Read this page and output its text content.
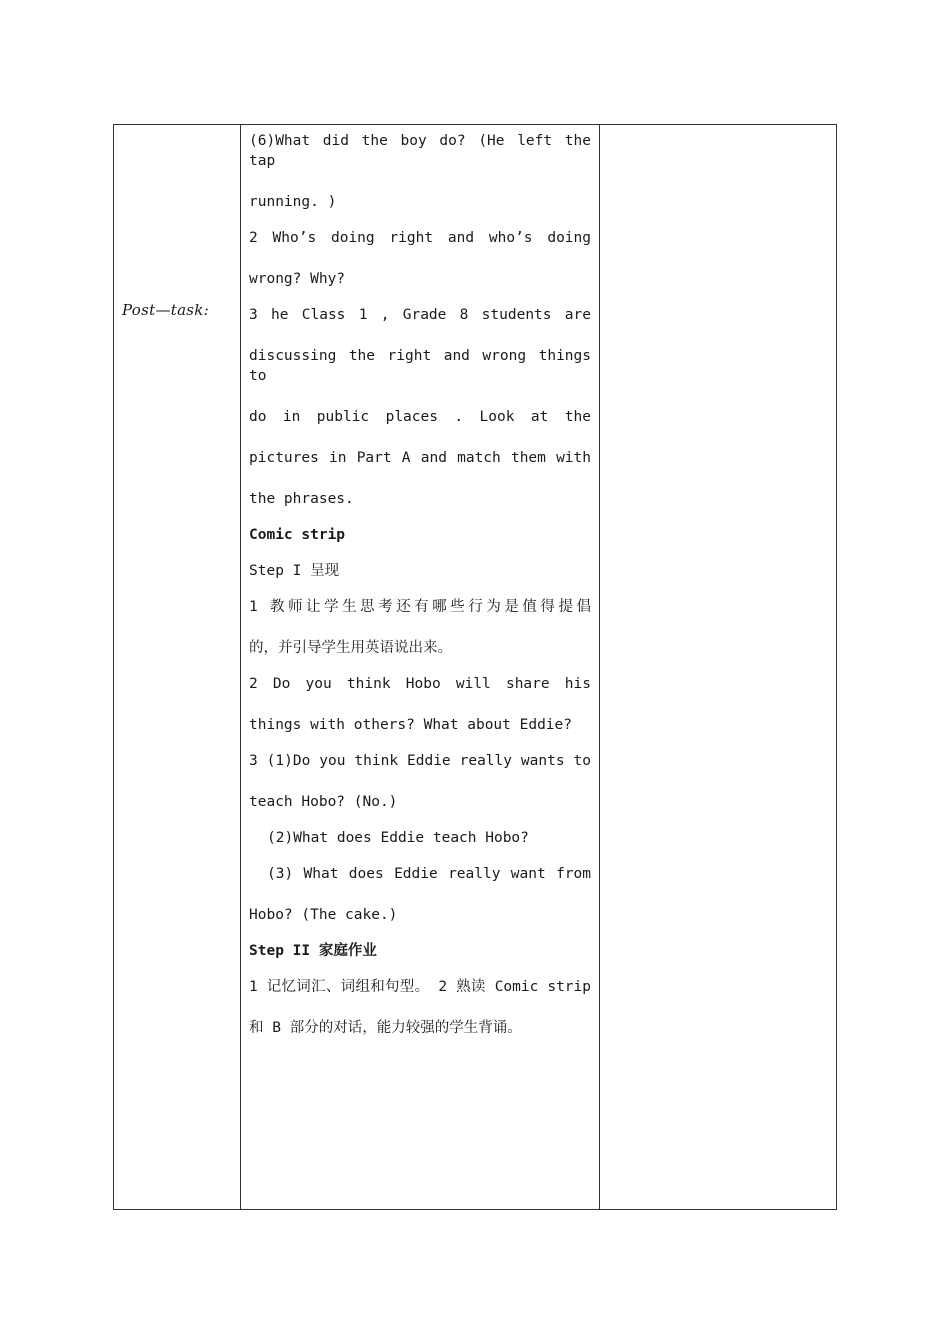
Post—task:

(6)What did the boy do? (He left the tap

running. )

2 Who’s doing right and who’s doing

wrong? Why?

3 he Class 1 , Grade 8 students are

discussing the right and wrong things to

do in public places . Look at the

pictures in Part A and match them with

the phrases.

Comic strip

Step I 呈现

1 教师让学生思考还有哪些行为是值得提倡

的，并引导学生用英语说出来。

2 Do you think Hobo will share his

things with others? What about Eddie?

3 (1)Do you think Eddie really wants to

teach Hobo? (No.)

(2)What does Eddie teach Hobo?

(3) What does Eddie really want from

Hobo? (The cake.)

Step II 家庭作业

1 记忆词汇、词组和句型。 2 熟读 Comic strip

和 B 部分的对话，能力较强的学生背诵。
